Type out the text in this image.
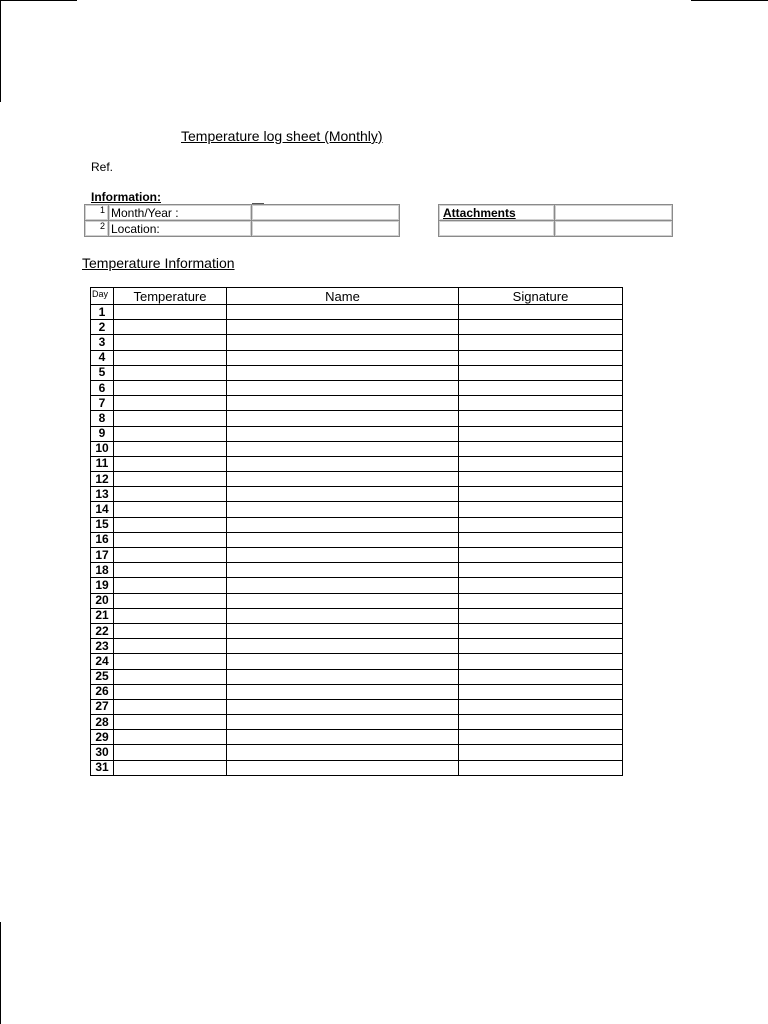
Temperature log sheet (Monthly)
Ref.
Information:
1	Month/Year :	
2	Location:	
Attachments	

Temperature Information
Day	Temperature	Name	Signature
1			
2			
3			
4			
5			
6			
7			
8			
9			
10			
11			
12			
13			
14			
15			
16			
17			
18			
19			
20			
21			
22			
23			
24			
25			
26			
27			
28			
29			
30			
31			
